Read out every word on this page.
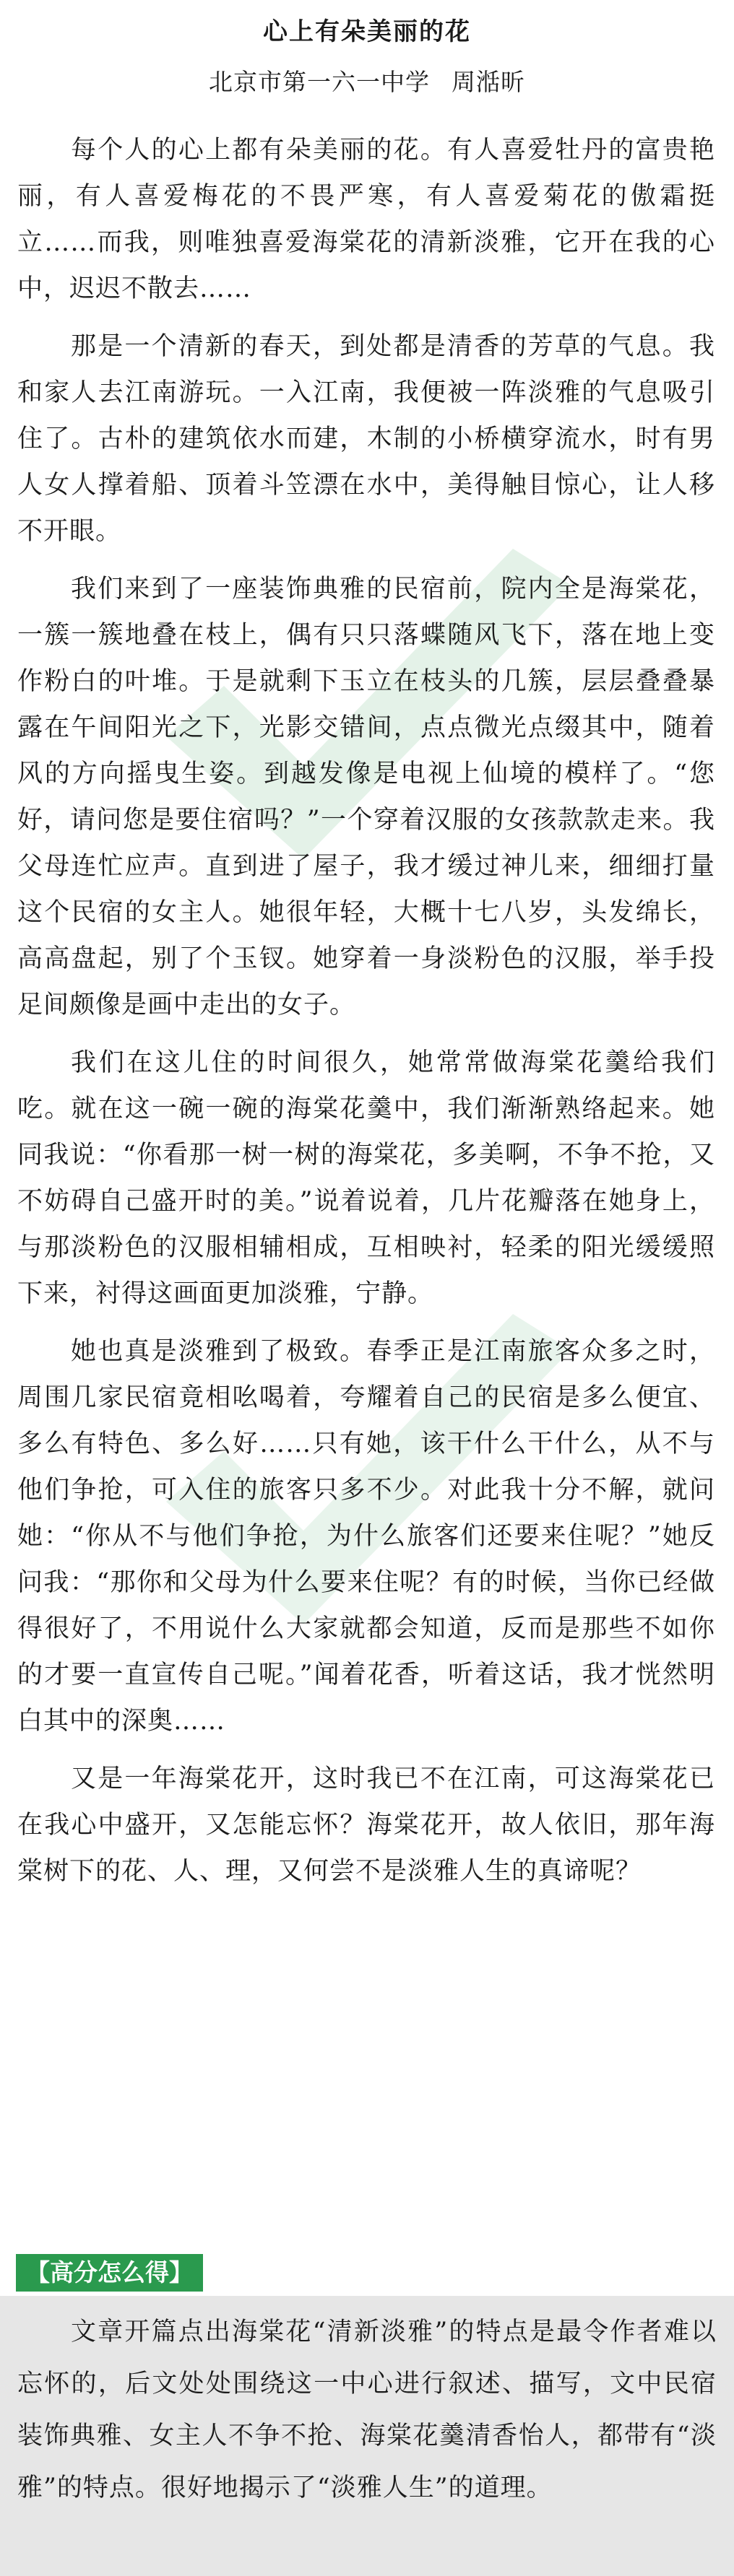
心上有朵美丽的花
北京市第一六一中学 周湉昕

每个人的心上都有朵美丽的花。有人喜爱牡丹的富贵艳丽，有人喜爱梅花的不畏严寒，有人喜爱菊花的傲霜挺立……而我，则唯独喜爱海棠花的清新淡雅，它开在我的心中，迟迟不散去……

那是一个清新的春天，到处都是清香的芳草的气息。我和家人去江南游玩。一入江南，我便被一阵淡雅的气息吸引住了。古朴的建筑依水而建，木制的小桥横穿流水，时有男人女人撑着船、顶着斗笠漂在水中，美得触目惊心，让人移不开眼。

我们来到了一座装饰典雅的民宿前，院内全是海棠花，一簇一簇地叠在枝上，偶有只只落蝶随风飞下，落在地上变作粉白的叶堆。于是就剩下玉立在枝头的几簇，层层叠叠暴露在午间阳光之下，光影交错间，点点微光点缀其中，随着风的方向摇曳生姿。到越发像是电视上仙境的模样了。“您好，请问您是要住宿吗？”一个穿着汉服的女孩款款走来。我父母连忙应声。直到进了屋子，我才缓过神儿来，细细打量这个民宿的女主人。她很年轻，大概十七八岁，头发绵长，高高盘起，别了个玉钗。她穿着一身淡粉色的汉服，举手投足间颇像是画中走出的女子。

我们在这儿住的时间很久，她常常做海棠花羹给我们吃。就在这一碗一碗的海棠花羹中，我们渐渐熟络起来。她同我说：“你看那一树一树的海棠花，多美啊，不争不抢，又不妨碍自己盛开时的美。”说着说着，几片花瓣落在她身上，与那淡粉色的汉服相辅相成，互相映衬，轻柔的阳光缓缓照下来，衬得这画面更加淡雅，宁静。

她也真是淡雅到了极致。春季正是江南旅客众多之时，周围几家民宿竟相吆喝着，夸耀着自己的民宿是多么便宜、多么有特色、多么好……只有她，该干什么干什么，从不与他们争抢，可入住的旅客只多不少。对此我十分不解，就问她：“你从不与他们争抢，为什么旅客们还要来住呢？”她反问我：“那你和父母为什么要来住呢？有的时候，当你已经做得很好了，不用说什么大家就都会知道，反而是那些不如你的才要一直宣传自己呢。”闻着花香，听着这话，我才恍然明白其中的深奥……

又是一年海棠花开，这时我已不在江南，可这海棠花已在我心中盛开，又怎能忘怀？海棠花开，故人依旧，那年海棠树下的花、人、理，又何尝不是淡雅人生的真谛呢？

【高分怎么得】

文章开篇点出海棠花“清新淡雅”的特点是最令作者难以忘怀的，后文处处围绕这一中心进行叙述、描写，文中民宿装饰典雅、女主人不争不抢、海棠花羹清香怡人，都带有“淡雅”的特点。很好地揭示了“淡雅人生”的道理。
